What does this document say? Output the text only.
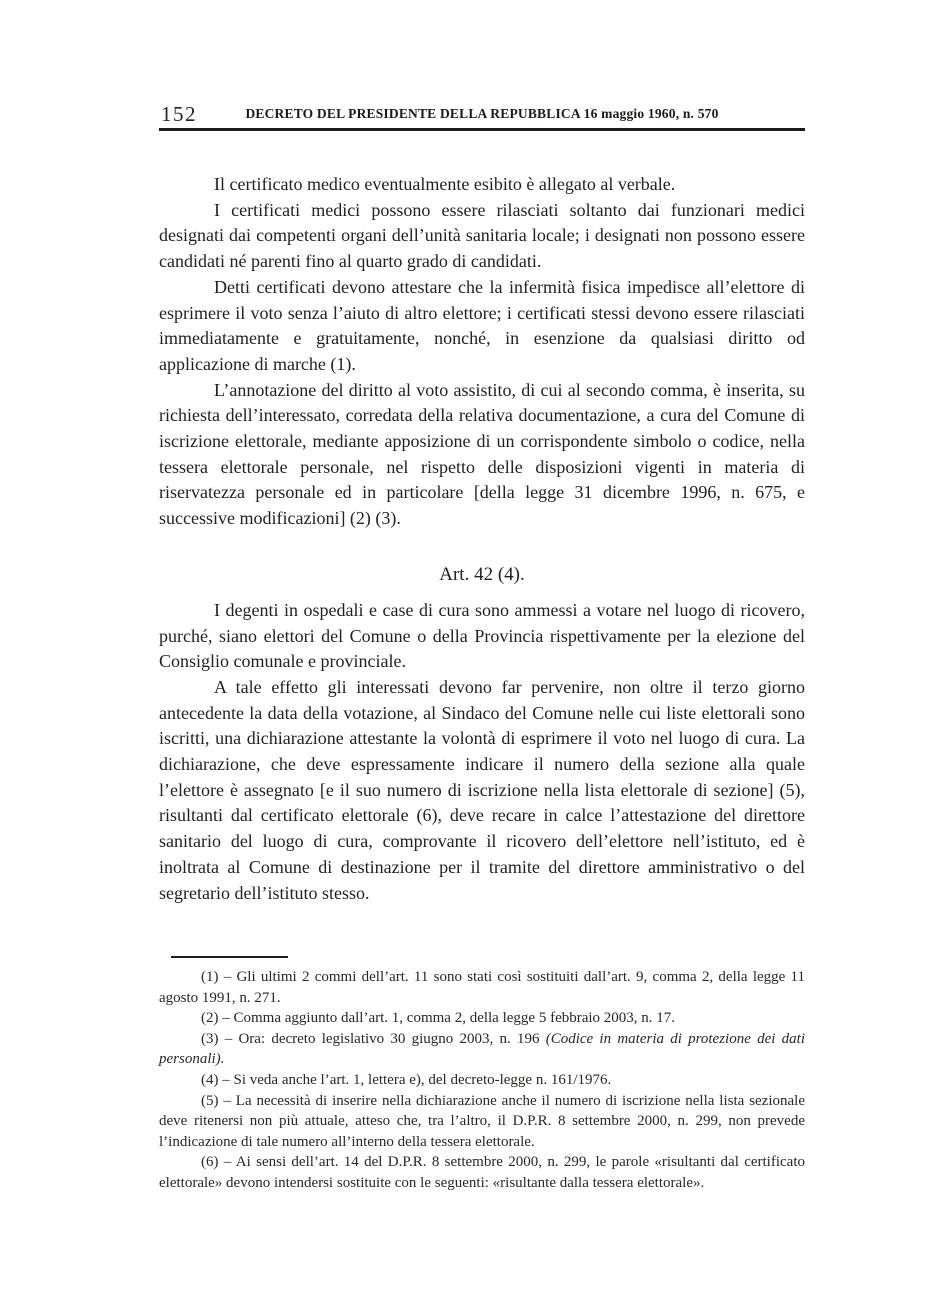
152	DECRETO DEL PRESIDENTE DELLA REPUBBLICA 16 maggio 1960, n. 570

Il certificato medico eventualmente esibito è allegato al verbale.

I certificati medici possono essere rilasciati soltanto dai funzionari medici designati dai competenti organi dell’unità sanitaria locale; i designati non possono essere candidati né parenti fino al quarto grado di candidati.

Detti certificati devono attestare che la infermità fisica impedisce all’elettore di esprimere il voto senza l’aiuto di altro elettore; i certificati stessi devono essere rilasciati immediatamente e gratuitamente, nonché, in esenzione da qualsiasi diritto od applicazione di marche (1).

L’annotazione del diritto al voto assistito, di cui al secondo comma, è inserita, su richiesta dell’interessato, corredata della relativa documentazione, a cura del Comune di iscrizione elettorale, mediante apposizione di un corrispondente simbolo o codice, nella tessera elettorale personale, nel rispetto delle disposizioni vigenti in materia di riservatezza personale ed in particolare [della legge 31 dicembre 1996, n. 675, e successive modificazioni] (2) (3).

Art. 42 (4).

I degenti in ospedali e case di cura sono ammessi a votare nel luogo di ricovero, purché, siano elettori del Comune o della Provincia rispettivamente per la elezione del Consiglio comunale e provinciale.

A tale effetto gli interessati devono far pervenire, non oltre il terzo giorno antecedente la data della votazione, al Sindaco del Comune nelle cui liste elettorali sono iscritti, una dichiarazione attestante la volontà di esprimere il voto nel luogo di cura. La dichiarazione, che deve espressamente indicare il numero della sezione alla quale l’elettore è assegnato [e il suo numero di iscrizione nella lista elettorale di sezione] (5), risultanti dal certificato elettorale (6), deve recare in calce l’attestazione del direttore sanitario del luogo di cura, comprovante il ricovero dell’elettore nell’istituto, ed è inoltrata al Comune di destinazione per il tramite del direttore amministrativo o del segretario dell’istituto stesso.

(1) – Gli ultimi 2 commi dell’art. 11 sono stati così sostituiti dall’art. 9, comma 2, della legge 11 agosto 1991, n. 271.

(2) – Comma aggiunto dall’art. 1, comma 2, della legge 5 febbraio 2003, n. 17.

(3) – Ora: decreto legislativo 30 giugno 2003, n. 196 (Codice in materia di protezione dei dati personali).

(4) – Si veda anche l’art. 1, lettera e), del decreto-legge n. 161/1976.

(5) – La necessità di inserire nella dichiarazione anche il numero di iscrizione nella lista sezionale deve ritenersi non più attuale, atteso che, tra l’altro, il D.P.R. 8 settembre 2000, n. 299, non prevede l’indicazione di tale numero all’interno della tessera elettorale.

(6) – Ai sensi dell’art. 14 del D.P.R. 8 settembre 2000, n. 299, le parole «risultanti dal certificato elettorale» devono intendersi sostituite con le seguenti: «risultante dalla tessera elettorale».
